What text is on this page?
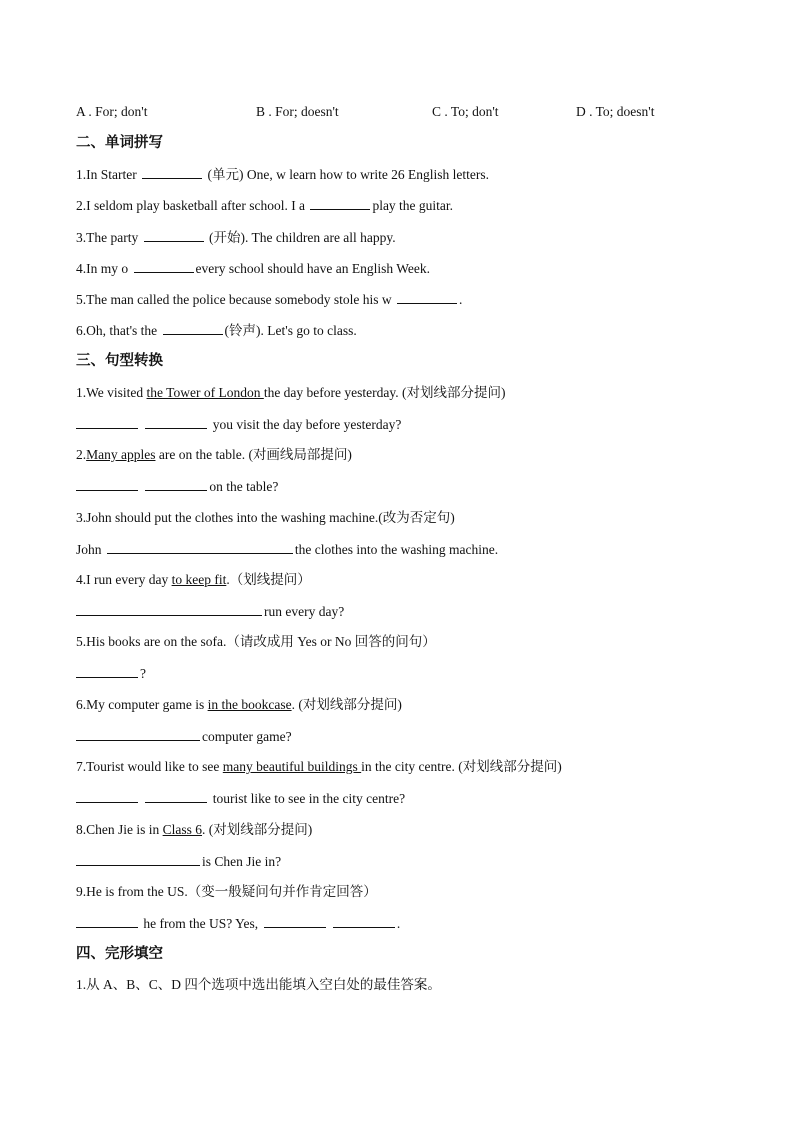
A . For; don't	B . For; doesn't	C . To; don't	D . To; doesn't
二、单词拼写
1.In Starter	(单元) One, w learn how to write 26 English letters.
2.I seldom play basketball after school. I a	play the guitar.
3.The party	(开始). The children are all happy.
4.In my o	every school should have an English Week.
5.The man called the police because somebody stole his w	.
6.Oh, that's the	(铃声). Let's go to class.
三、句型转换
1.We visited the Tower of London the day before yesterday. (对划线部分提问)
you visit the day before yesterday?
2.Many apples are on the table. (对画线局部提问)
on the table?
3.John should put the clothes into the washing machine.(改为否定句)
John	the clothes into the washing machine.
4.I run every day to keep fit.（划线提问）
run every day?
5.His books are on the sofa.（请改成用 Yes or No 回答的问句）
?
6.My computer game is in the bookcase. (对划线部分提问)
computer game?
7.Tourist would like to see many beautiful buildings in the city centre. (对划线部分提问)
tourist like to see in the city centre?
8.Chen Jie is in Class 6. (对划线部分提问)
is Chen Jie in?
9.He is from the US.（变一般疑问句并作肯定回答）
he from the US? Yes,	.
四、完形填空
1.从 A、B、C、D 四个选项中选出能填入空白处的最佳答案。
